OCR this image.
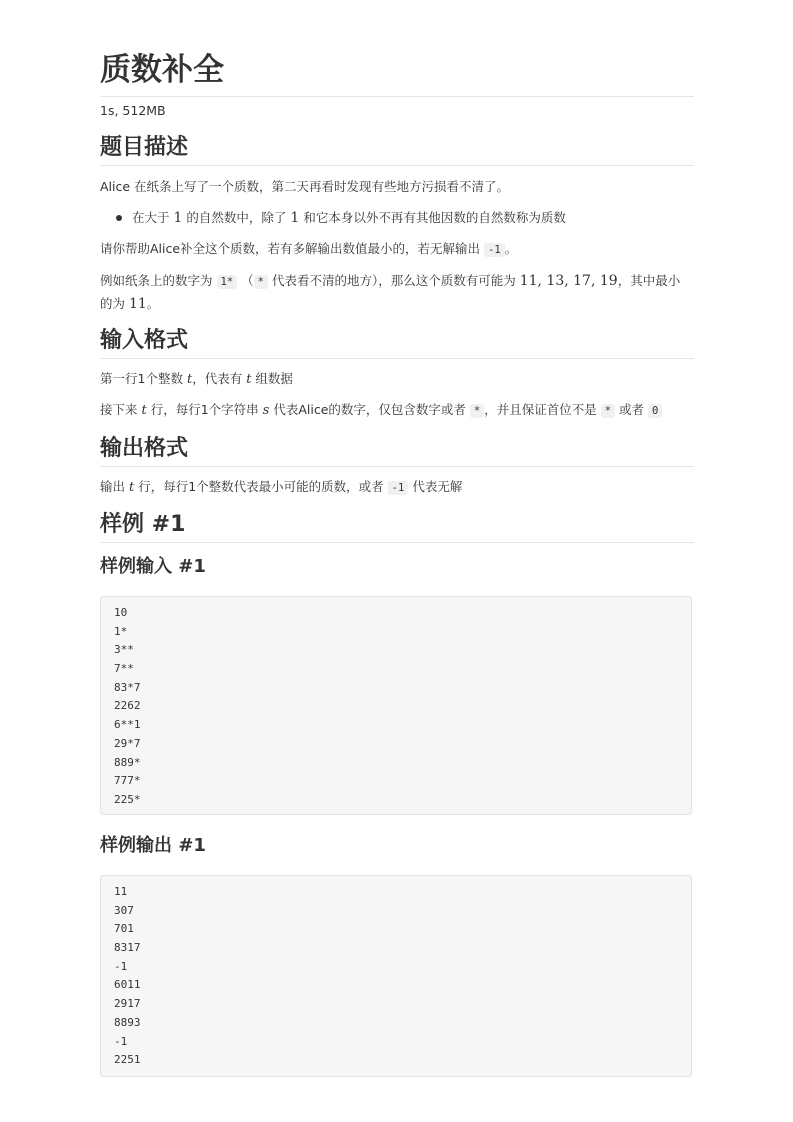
质数补全
1s, 512MB
题目描述
Alice 在纸条上写了一个质数，第二天再看时发现有些地方污损看不清了。
在大于 1 的自然数中，除了 1 和它本身以外不再有其他因数的自然数称为质数
请你帮助Alice补全这个质数，若有多解输出数值最小的，若无解输出 -1 。
例如纸条上的数字为 1* （ * 代表看不清的地方），那么这个质数有可能为 11, 13, 17, 19，其中最小
的为 11。
输入格式
第一行1个整数 t，代表有 t 组数据
接下来 t 行，每行1个字符串 s 代表Alice的数字，仅包含数字或者 * ，并且保证首位不是 * 或者 0
输出格式
输出 t 行，每行1个整数代表最小可能的质数，或者 -1 代表无解
样例 #1
样例输入 #1
10
1*
3**
7**
83*7
2262
6**1
29*7
889*
777*
225*
样例输出 #1
11
307
701
8317
-1
6011
2917
8893
-1
2251
